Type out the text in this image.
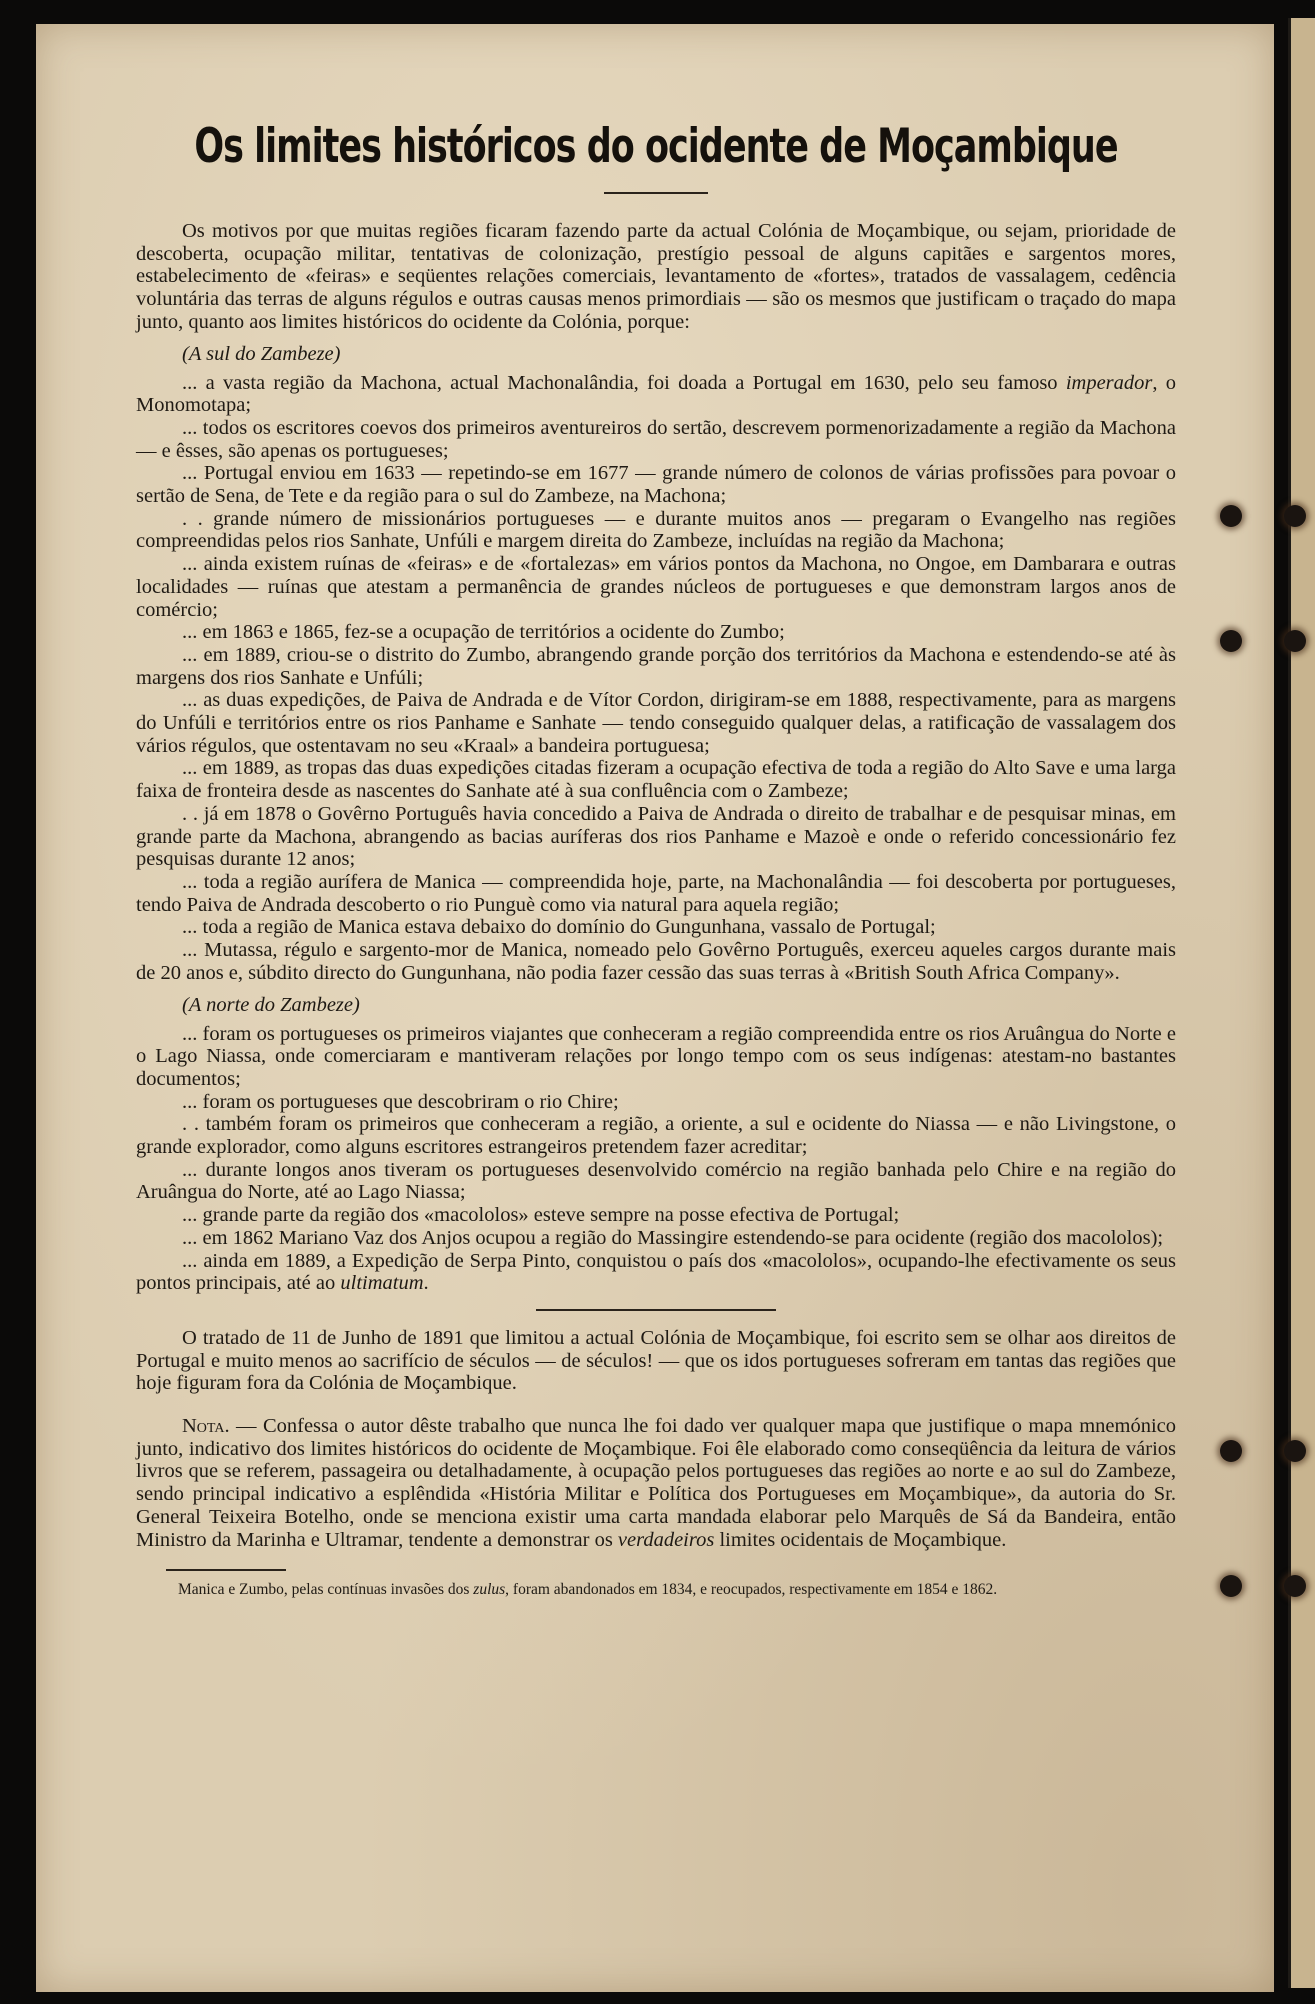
Os limites históricos do ocidente de Moçambique

Os motivos por que muitas regiões ficaram fazendo parte da actual Colónia de Moçambique, ou sejam, prioridade de descoberta, ocupação militar, tentativas de colonização, prestígio pessoal de alguns capitães e sargentos mores, estabelecimento de «feiras» e seqüentes relações comerciais, levantamento de «fortes», tratados de vassalagem, cedência voluntária das terras de alguns régulos e outras causas menos primordiais — são os mesmos que justificam o traçado do mapa junto, quanto aos limites históricos do ocidente da Colónia, porque:

(A sul do Zambeze)

... a vasta região da Machona, actual Machonalândia, foi doada a Portugal em 1630, pelo seu famoso imperador, o Monomotapa;

... todos os escritores coevos dos primeiros aventureiros do sertão, descrevem pormenorizadamente a região da Machona — e êsses, são apenas os portugueses;

... Portugal enviou em 1633 — repetindo-se em 1677 — grande número de colonos de várias profissões para povoar o sertão de Sena, de Tete e da região para o sul do Zambeze, na Machona;

. . grande número de missionários portugueses — e durante muitos anos — pregaram o Evangelho nas regiões compreendidas pelos rios Sanhate, Unfúli e margem direita do Zambeze, incluídas na região da Machona;

... ainda existem ruínas de «feiras» e de «fortalezas» em vários pontos da Machona, no Ongoe, em Dambarara e outras localidades — ruínas que atestam a permanência de grandes núcleos de portugueses e que demonstram largos anos de comércio;

... em 1863 e 1865, fez-se a ocupação de territórios a ocidente do Zumbo;

... em 1889, criou-se o distrito do Zumbo, abrangendo grande porção dos territórios da Machona e estendendo-se até às margens dos rios Sanhate e Unfúli;

... as duas expedições, de Paiva de Andrada e de Vítor Cordon, dirigiram-se em 1888, respectivamente, para as margens do Unfúli e territórios entre os rios Panhame e Sanhate — tendo conseguido qualquer delas, a ratificação de vassalagem dos vários régulos, que ostentavam no seu «Kraal» a bandeira portuguesa;

... em 1889, as tropas das duas expedições citadas fizeram a ocupação efectiva de toda a região do Alto Save e uma larga faixa de fronteira desde as nascentes do Sanhate até à sua confluência com o Zambeze;

. . já em 1878 o Govêrno Português havia concedido a Paiva de Andrada o direito de trabalhar e de pesquisar minas, em grande parte da Machona, abrangendo as bacias auríferas dos rios Panhame e Mazoè e onde o referido concessionário fez pesquisas durante 12 anos;

... toda a região aurífera de Manica — compreendida hoje, parte, na Machonalândia — foi descoberta por portugueses, tendo Paiva de Andrada descoberto o rio Punguè como via natural para aquela região;

... toda a região de Manica estava debaixo do domínio do Gungunhana, vassalo de Portugal;

... Mutassa, régulo e sargento-mor de Manica, nomeado pelo Govêrno Português, exerceu aqueles cargos durante mais de 20 anos e, súbdito directo do Gungunhana, não podia fazer cessão das suas terras à «British South Africa Company».

(A norte do Zambeze)

... foram os portugueses os primeiros viajantes que conheceram a região compreendida entre os rios Aruângua do Norte e o Lago Niassa, onde comerciaram e mantiveram relações por longo tempo com os seus indígenas: atestam-no bastantes documentos;

... foram os portugueses que descobriram o rio Chire;

. . também foram os primeiros que conheceram a região, a oriente, a sul e ocidente do Niassa — e não Livingstone, o grande explorador, como alguns escritores estrangeiros pretendem fazer acreditar;

... durante longos anos tiveram os portugueses desenvolvido comércio na região banhada pelo Chire e na região do Aruângua do Norte, até ao Lago Niassa;

... grande parte da região dos «macololos» esteve sempre na posse efectiva de Portugal;

... em 1862 Mariano Vaz dos Anjos ocupou a região do Massingire estendendo-se para ocidente (região dos macololos);

... ainda em 1889, a Expedição de Serpa Pinto, conquistou o país dos «macololos», ocupando-lhe efectivamente os seus pontos principais, até ao ultimatum.

O tratado de 11 de Junho de 1891 que limitou a actual Colónia de Moçambique, foi escrito sem se olhar aos direitos de Portugal e muito menos ao sacrifício de séculos — de séculos! — que os idos portugueses sofreram em tantas das regiões que hoje figuram fora da Colónia de Moçambique.

Nota. — Confessa o autor dêste trabalho que nunca lhe foi dado ver qualquer mapa que justifique o mapa mnemónico junto, indicativo dos limites históricos do ocidente de Moçambique. Foi êle elaborado como conseqüência da leitura de vários livros que se referem, passageira ou detalhadamente, à ocupação pelos portugueses das regiões ao norte e ao sul do Zambeze, sendo principal indicativo a esplêndida «História Militar e Política dos Portugueses em Moçambique», da autoria do Sr. General Teixeira Botelho, onde se menciona existir uma carta mandada elaborar pelo Marquês de Sá da Bandeira, então Ministro da Marinha e Ultramar, tendente a demonstrar os verdadeiros limites ocidentais de Moçambique.

Manica e Zumbo, pelas contínuas invasões dos zulus, foram abandonados em 1834, e reocupados, respectivamente em 1854 e 1862.
